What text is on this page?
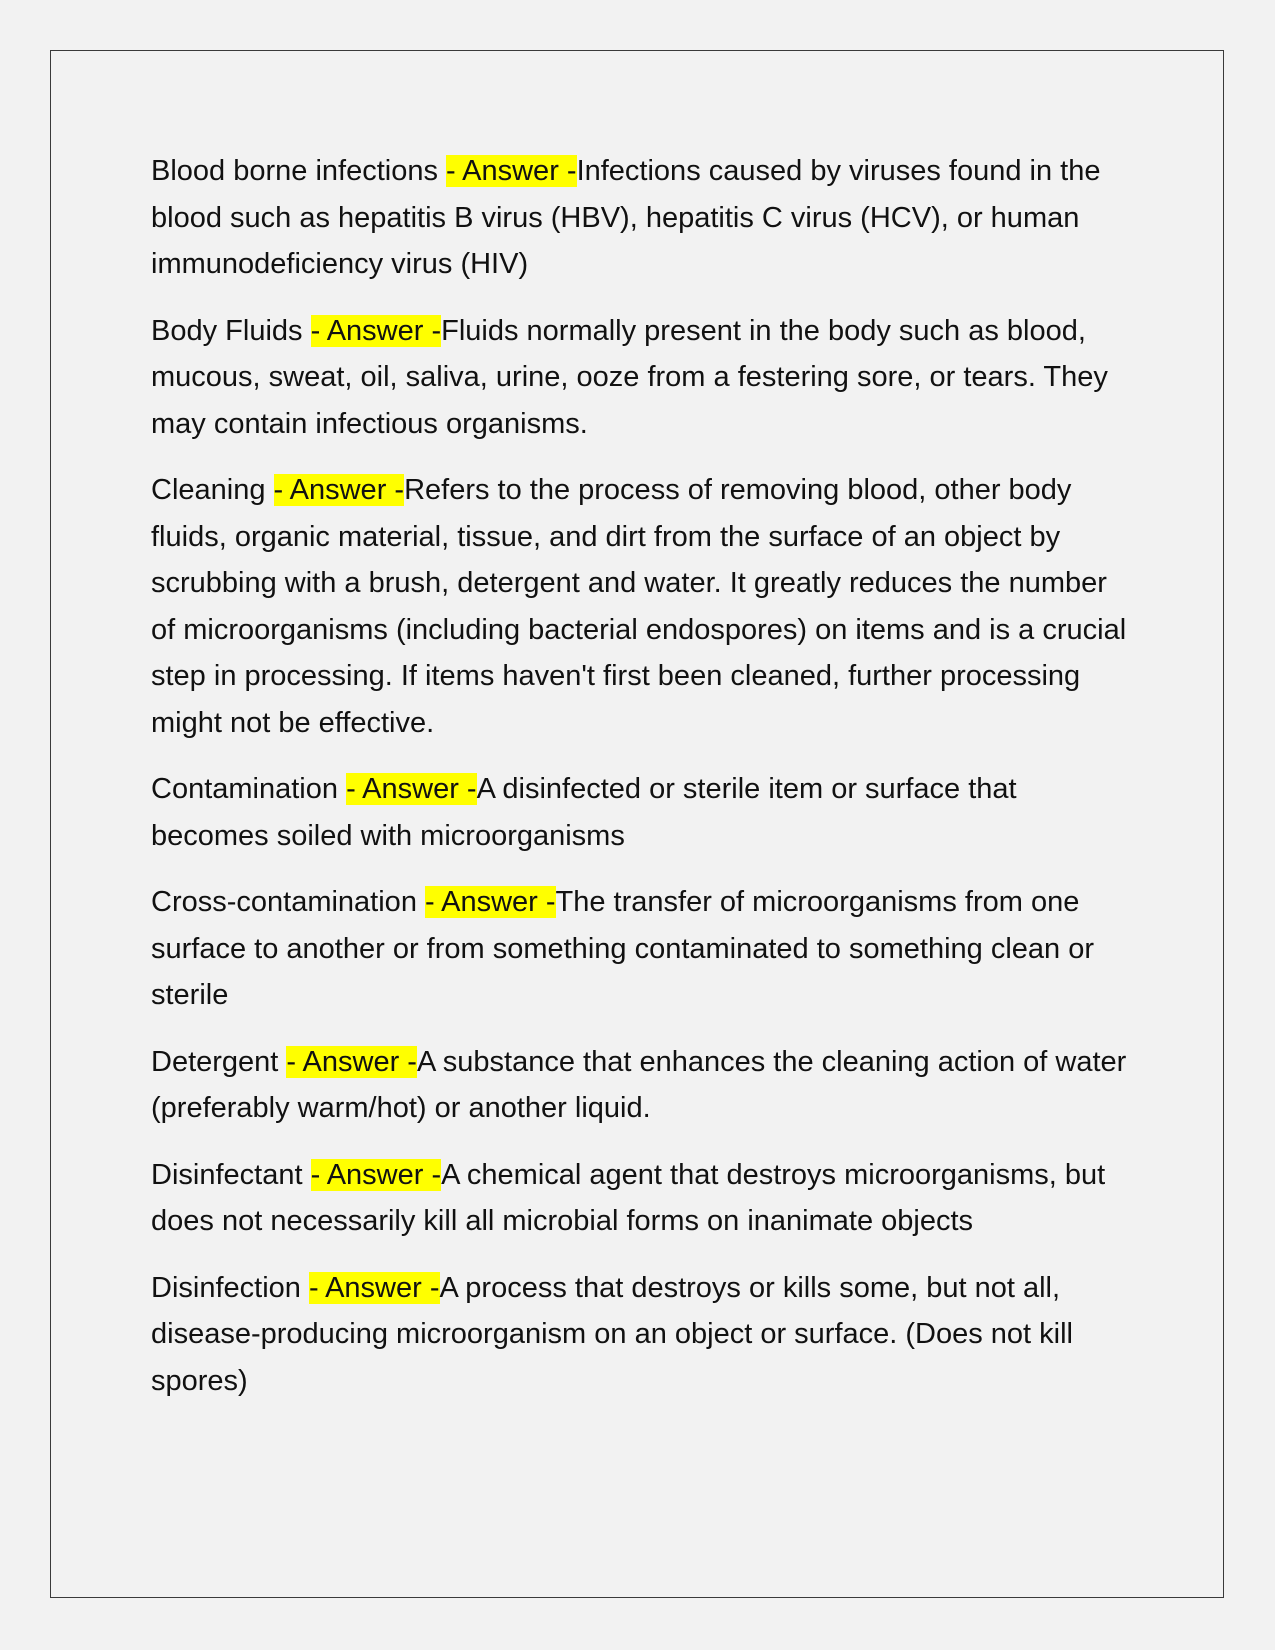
Blood borne infections - Answer -Infections caused by viruses found in the blood such as hepatitis B virus (HBV), hepatitis C virus (HCV), or human immunodeficiency virus (HIV)

Body Fluids - Answer -Fluids normally present in the body such as blood, mucous, sweat, oil, saliva, urine, ooze from a festering sore, or tears. They may contain infectious organisms.

Cleaning - Answer -Refers to the process of removing blood, other body fluids, organic material, tissue, and dirt from the surface of an object by scrubbing with a brush, detergent and water. It greatly reduces the number of microorganisms (including bacterial endospores) on items and is a crucial step in processing. If items haven't first been cleaned, further processing might not be effective.

Contamination - Answer -A disinfected or sterile item or surface that becomes soiled with microorganisms

Cross-contamination - Answer -The transfer of microorganisms from one surface to another or from something contaminated to something clean or sterile

Detergent - Answer -A substance that enhances the cleaning action of water (preferably warm/hot) or another liquid.

Disinfectant - Answer -A chemical agent that destroys microorganisms, but does not necessarily kill all microbial forms on inanimate objects

Disinfection - Answer -A process that destroys or kills some, but not all, disease-producing microorganism on an object or surface. (Does not kill spores)
